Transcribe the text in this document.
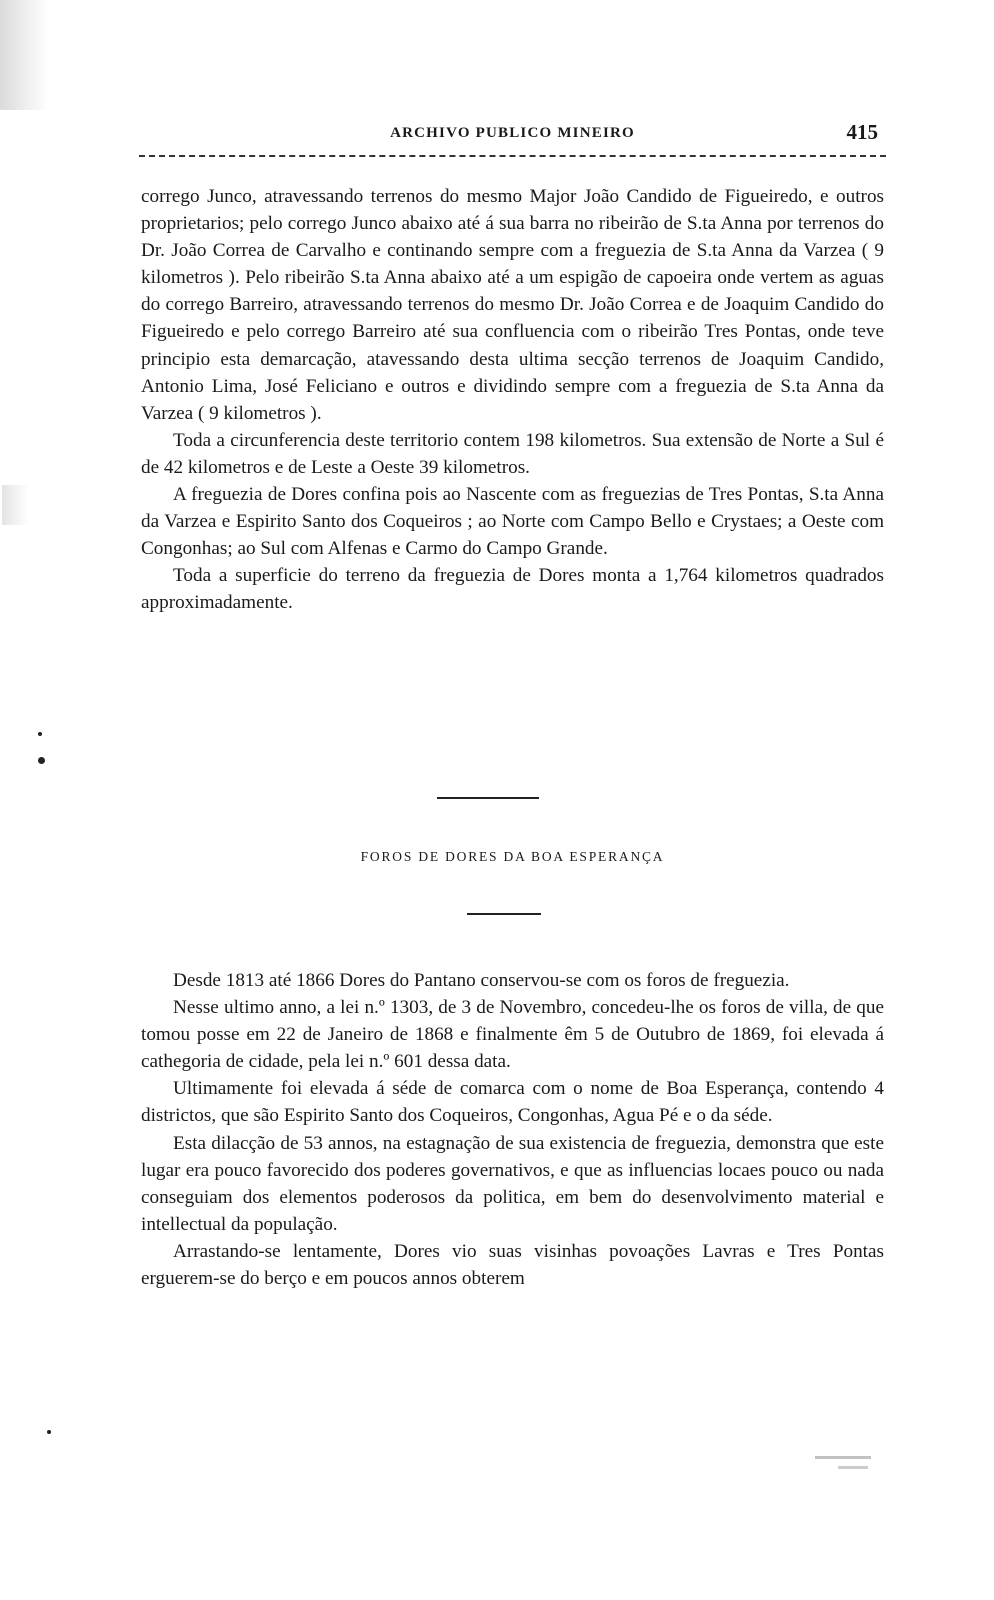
ARCHIVO PUBLICO MINEIRO	415

corrego Junco, atravessando terrenos do mesmo Major João Candido de Figueiredo, e outros proprietarios; pelo corrego Junco abaixo até á sua barra no ribeirão de S.ta Anna por terrenos do Dr. João Correa de Carvalho e continando sempre com a freguezia de S.ta Anna da Varzea ( 9 kilometros ). Pelo ribeirão S.ta Anna abaixo até a um espigão de capoeira onde vertem as aguas do corrego Barreiro, atravessando terrenos do mesmo Dr. João Correa e de Joaquim Candido do Figueiredo e pelo corrego Barreiro até sua confluencia com o ribeirão Tres Pontas, onde teve principio esta demarcação, atavessando desta ultima secção terrenos de Joaquim Candido, Antonio Lima, José Feliciano e outros e dividindo sempre com a freguezia de S.ta Anna da Varzea ( 9 kilometros ).

Toda a circunferencia deste territorio contem 198 kilometros. Sua extensão de Norte a Sul é de 42 kilometros e de Leste a Oeste 39 kilometros.

A freguezia de Dores confina pois ao Nascente com as freguezias de Tres Pontas, S.ta Anna da Varzea e Espirito Santo dos Coqueiros ; ao Norte com Campo Bello e Crystaes; a Oeste com Congonhas; ao Sul com Alfenas e Carmo do Campo Grande.

Toda a superficie do terreno da freguezia de Dores monta a 1,764 kilometros quadrados approximadamente.

FOROS DE DORES DA BOA ESPERANÇA

Desde 1813 até 1866 Dores do Pantano conservou-se com os foros de freguezia.

Nesse ultimo anno, a lei n.º 1303, de 3 de Novembro, concedeu-lhe os foros de villa, de que tomou posse em 22 de Janeiro de 1868 e finalmente êm 5 de Outubro de 1869, foi elevada á cathegoria de cidade, pela lei n.º 601 dessa data.

Ultimamente foi elevada á séde de comarca com o nome de Boa Esperança, contendo 4 districtos, que são Espirito Santo dos Coqueiros, Congonhas, Agua Pé e o da séde.

Esta dilacção de 53 annos, na estagnação de sua existencia de freguezia, demonstra que este lugar era pouco favorecido dos poderes governativos, e que as influencias locaes pouco ou nada conseguiam dos elementos poderosos da politica, em bem do desenvolvimento material e intellectual da população.

Arrastando-se lentamente, Dores vio suas visinhas povoações Lavras e Tres Pontas erguerem-se do berço e em poucos annos obterem
